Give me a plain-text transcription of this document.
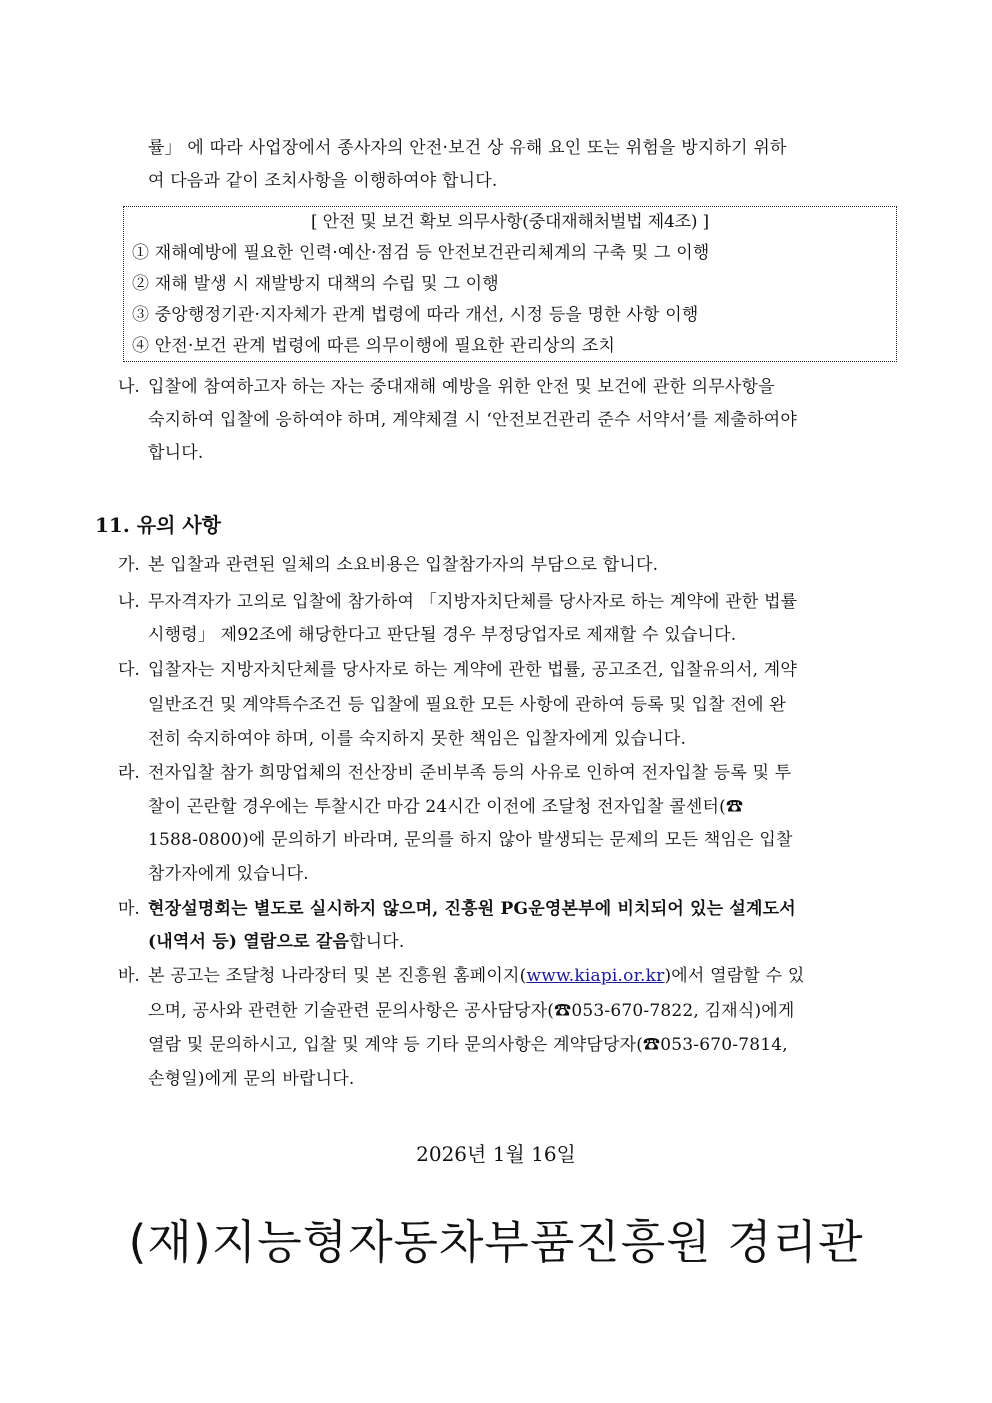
률」 에 따라 사업장에서 종사자의 안전·보건 상 유해 요인 또는 위험을 방지하기 위하
여 다음과 같이 조치사항을 이행하여야 합니다.
[ 안전 및 보건 확보 의무사항(중대재해처벌법 제4조) ]
① 재해예방에 필요한 인력·예산·점검 등 안전보건관리체계의 구축 및 그 이행
② 재해 발생 시 재발방지 대책의 수립 및 그 이행
③ 중앙행정기관·지자체가 관계 법령에 따라 개선, 시정 등을 명한 사항 이행
④ 안전·보건 관계 법령에 따른 의무이행에 필요한 관리상의 조치
나. 입찰에 참여하고자 하는 자는 중대재해 예방을 위한 안전 및 보건에 관한 의무사항을
숙지하여 입찰에 응하여야 하며, 계약체결 시 ‘안전보건관리 준수 서약서’를 제출하여야
합니다.
11. 유의 사항
가. 본 입찰과 관련된 일체의 소요비용은 입찰참가자의 부담으로 합니다.
나. 무자격자가 고의로 입찰에 참가하여 「지방자치단체를 당사자로 하는 계약에 관한 법률
시행령」 제92조에 해당한다고 판단될 경우 부정당업자로 제재할 수 있습니다.
다. 입찰자는 지방자치단체를 당사자로 하는 계약에 관한 법률, 공고조건, 입찰유의서, 계약
일반조건 및 계약특수조건 등 입찰에 필요한 모든 사항에 관하여 등록 및 입찰 전에 완
전히 숙지하여야 하며, 이를 숙지하지 못한 책임은 입찰자에게 있습니다.
라. 전자입찰 참가 희망업체의 전산장비 준비부족 등의 사유로 인하여 전자입찰 등록 및 투
찰이 곤란할 경우에는 투찰시간 마감 24시간 이전에 조달청 전자입찰 콜센터(☎
1588-0800)에 문의하기 바라며, 문의를 하지 않아 발생되는 문제의 모든 책임은 입찰
참가자에게 있습니다.
마. 현장설명회는 별도로 실시하지 않으며, 진흥원 PG운영본부에 비치되어 있는 설계도서
(내역서 등) 열람으로 갈음합니다.
바. 본 공고는 조달청 나라장터 및 본 진흥원 홈페이지(www.kiapi.or.kr)에서 열람할 수 있
으며, 공사와 관련한 기술관련 문의사항은 공사담당자(☎053-670-7822, 김재식)에게
열람 및 문의하시고, 입찰 및 계약 등 기타 문의사항은 계약담당자(☎053-670-7814,
손형일)에게 문의 바랍니다.
2026년 1월 16일
(재)지능형자동차부품진흥원 경리관
